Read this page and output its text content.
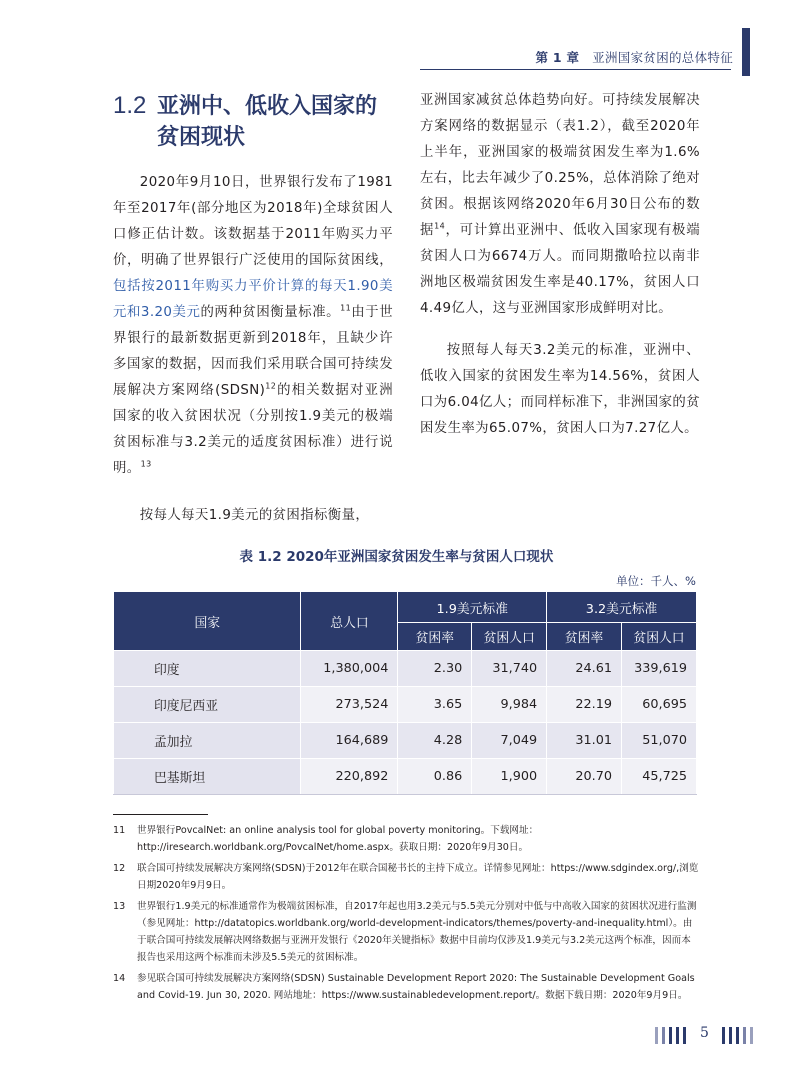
第 1 章 亚洲国家贫困的总体特征
1.2 亚洲中、低收入国家的
贫困现状

2020年9月10日，世界银行发布了1981年至2017年(部分地区为2018年)全球贫困人口修正估计数。该数据基于2011年购买力平价，明确了世界银行广泛使用的国际贫困线，包括按2011年购买力平价计算的每天1.90美元和3.20美元的两种贫困衡量标准。$^{11}$由于世界银行的最新数据更新到2018年，且缺少许多国家的数据，因而我们采用联合国可持续发展解决方案网络(SDSN)$^{12}$的相关数据对亚洲国家的收入贫困状况（分别按1.9美元的极端贫困标准与3.2美元的适度贫困标准）进行说明。$^{13}$

按每人每天1.9美元的贫困指标衡量，

亚洲国家减贫总体趋势向好。可持续发展解决方案网络的数据显示（表1.2），截至2020年上半年，亚洲国家的极端贫困发生率为1.6%左右，比去年减少了0.25%，总体消除了绝对贫困。根据该网络2020年6月30日公布的数据$^{14}$，可计算出亚洲中、低收入国家现有极端贫困人口为6674万人。而同期撒哈拉以南非洲地区极端贫困发生率是40.17%，贫困人口4.49亿人，这与亚洲国家形成鲜明对比。

按照每人每天3.2美元的标准，亚洲中、低收入国家的贫困发生率为14.56%，贫困人口为6.04亿人；而同样标准下，非洲国家的贫困发生率为65.07%，贫困人口为7.27亿人。

表 1.2 2020年亚洲国家贫困发生率与贫困人口现状
单位：千人、%
国家	总人口	1.9美元标准		3.2美元标准	
		贫困率	贫困人口	贫困率	贫困人口
印度	1,380,004	2.30	31,740	24.61	339,619
印度尼西亚	273,524	3.65	9,984	22.19	60,695
孟加拉	164,689	4.28	7,049	31.01	51,070
巴基斯坦	220,892	0.86	1,900	20.70	45,725
11	世界银行PovcalNet: an online analysis tool for global poverty monitoring。下载网址：http://iresearch.worldbank.org/PovcalNet/home.aspx。获取日期：2020年9月30日。
12	联合国可持续发展解决方案网络(SDSN)于2012年在联合国秘书长的主持下成立。详情参见网址：https://www.sdgindex.org/,浏览日期2020年9月9日。
13	世界银行1.9美元的标准通常作为极端贫困标准，自2017年起也用3.2美元与5.5美元分别对中低与中高收入国家的贫困状况进行监测（参见网址：http://datatopics.worldbank.org/world-development-indicators/themes/poverty-and-inequality.html）。由于联合国可持续发展解决网络数据与亚洲开发银行《2020年关键指标》数据中目前均仅涉及1.9美元与3.2美元这两个标准，因而本报告也采用这两个标准而未涉及5.5美元的贫困标准。
14	参见联合国可持续发展解决方案网络(SDSN) Sustainable Development Report 2020: The Sustainable Development Goals and Covid-19. Jun 30, 2020. 网站地址：https://www.sustainabledevelopment.report/。数据下载日期：2020年9月9日。
5
